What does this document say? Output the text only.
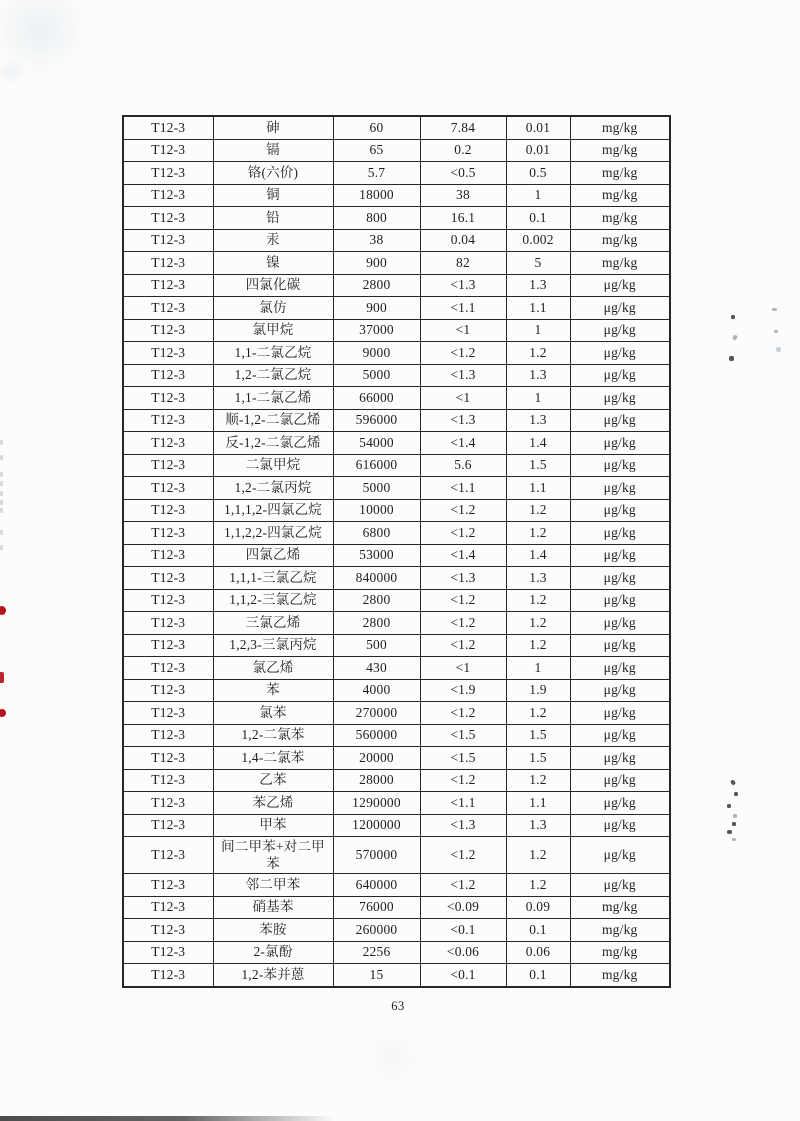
T12-3	砷	60	7.84	0.01	mg/kg
T12-3	镉	65	0.2	0.01	mg/kg
T12-3	铬(六价)	5.7	<0.5	0.5	mg/kg
T12-3	铜	18000	38	1	mg/kg
T12-3	铅	800	16.1	0.1	mg/kg
T12-3	汞	38	0.04	0.002	mg/kg
T12-3	镍	900	82	5	mg/kg
T12-3	四氯化碳	2800	<1.3	1.3	μg/kg
T12-3	氯仿	900	<1.1	1.1	μg/kg
T12-3	氯甲烷	37000	<1	1	μg/kg
T12-3	1,1-二氯乙烷	9000	<1.2	1.2	μg/kg
T12-3	1,2-二氯乙烷	5000	<1.3	1.3	μg/kg
T12-3	1,1-二氯乙烯	66000	<1	1	μg/kg
T12-3	顺-1,2-二氯乙烯	596000	<1.3	1.3	μg/kg
T12-3	反-1,2-二氯乙烯	54000	<1.4	1.4	μg/kg
T12-3	二氯甲烷	616000	5.6	1.5	μg/kg
T12-3	1,2-二氯丙烷	5000	<1.1	1.1	μg/kg
T12-3	1,1,1,2-四氯乙烷	10000	<1.2	1.2	μg/kg
T12-3	1,1,2,2-四氯乙烷	6800	<1.2	1.2	μg/kg
T12-3	四氯乙烯	53000	<1.4	1.4	μg/kg
T12-3	1,1,1-三氯乙烷	840000	<1.3	1.3	μg/kg
T12-3	1,1,2-三氯乙烷	2800	<1.2	1.2	μg/kg
T12-3	三氯乙烯	2800	<1.2	1.2	μg/kg
T12-3	1,2,3-三氯丙烷	500	<1.2	1.2	μg/kg
T12-3	氯乙烯	430	<1	1	μg/kg
T12-3	苯	4000	<1.9	1.9	μg/kg
T12-3	氯苯	270000	<1.2	1.2	μg/kg
T12-3	1,2-二氯苯	560000	<1.5	1.5	μg/kg
T12-3	1,4-二氯苯	20000	<1.5	1.5	μg/kg
T12-3	乙苯	28000	<1.2	1.2	μg/kg
T12-3	苯乙烯	1290000	<1.1	1.1	μg/kg
T12-3	甲苯	1200000	<1.3	1.3	μg/kg
T12-3	间二甲苯+对二甲苯	570000	<1.2	1.2	μg/kg
T12-3	邻二甲苯	640000	<1.2	1.2	μg/kg
T12-3	硝基苯	76000	<0.09	0.09	mg/kg
T12-3	苯胺	260000	<0.1	0.1	mg/kg
T12-3	2-氯酚	2256	<0.06	0.06	mg/kg
T12-3	1,2-苯并蒽	15	<0.1	0.1	mg/kg
63
